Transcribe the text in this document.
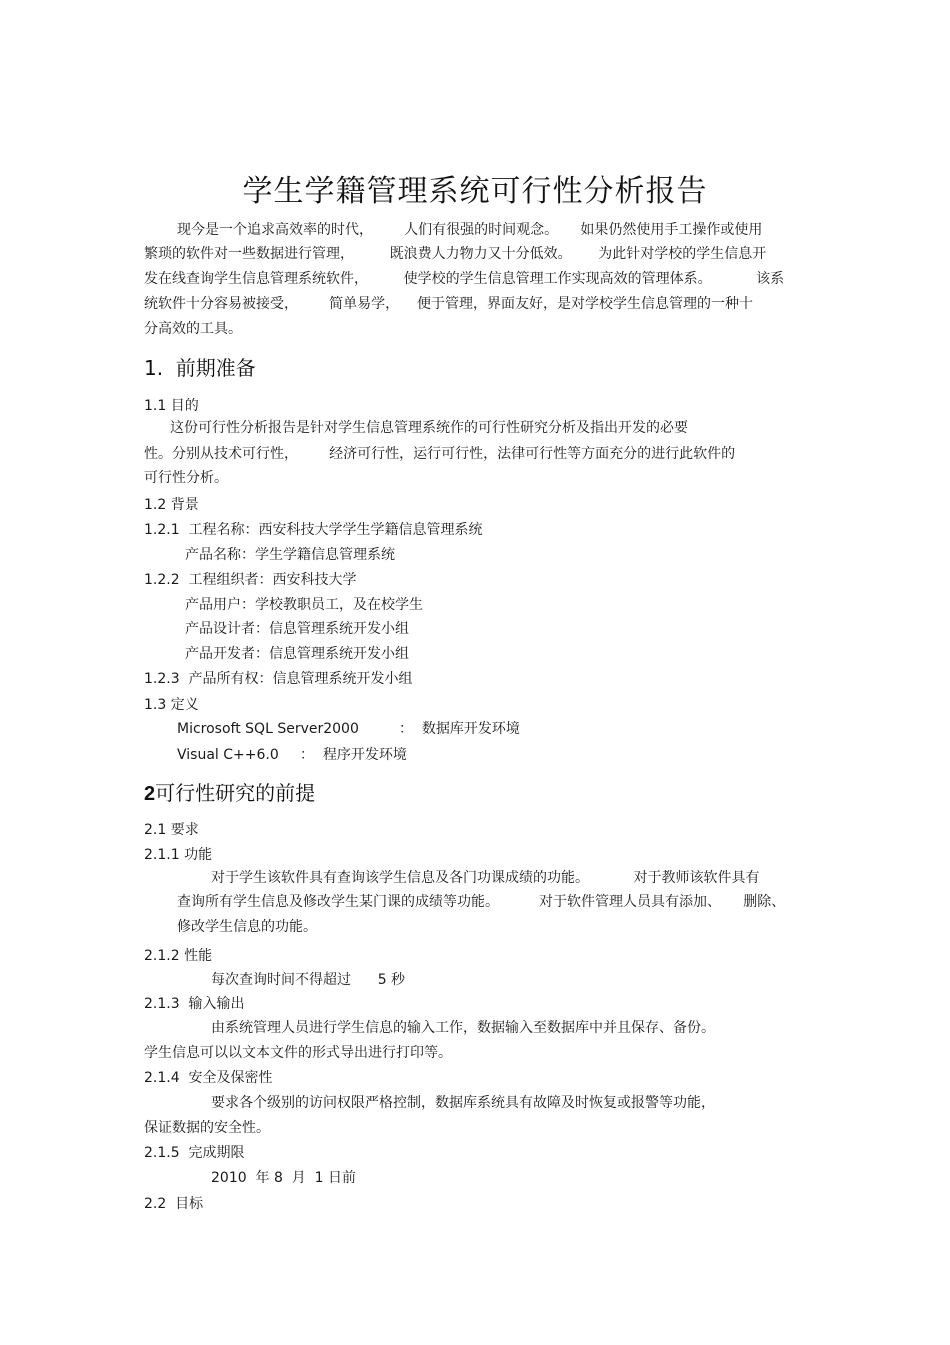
学生学籍管理系统可行性分析报告
现今是一个追求高效率的时代，       人们有很强的时间观念。     如果仍然使用手工操作或使用
繁琐的软件对一些数据进行管理，        既浪费人力物力又十分低效。      为此针对学校的学生信息开
发在线查询学生信息管理系统软件，        使学校的学生信息管理工作实现高效的管理体系。          该系
统软件十分容易被接受，       简单易学，    便于管理，界面友好，是对学校学生信息管理的一种十
分高效的工具。
1.  前期准备
1.1 目的
这份可行性分析报告是针对学生信息管理系统作的可行性研究分析及指出开发的必要
性。分别从技术可行性，       经济可行性，运行可行性，法律可行性等方面充分的进行此软件的
可行性分析。
1.2 背景
1.2.1  工程名称：西安科技大学学生学籍信息管理系统
产品名称：学生学籍信息管理系统
1.2.2  工程组织者：西安科技大学
产品用户：学校教职员工，及在校学生
产品设计者：信息管理系统开发小组
产品开发者：信息管理系统开发小组
1.2.3  产品所有权：信息管理系统开发小组
1.3 定义
Microsoft SQL Server2000	：  数据库开发环境
Visual C++6.0 ：  程序开发环境
2可行性研究的前提
2.1 要求
2.1.1 功能
对于学生该软件具有查询该学生信息及各门功课成绩的功能。          对于教师该软件具有
查询所有学生信息及修改学生某门课的成绩等功能。         对于软件管理人员具有添加、     删除、
修改学生信息的功能。
2.1.2 性能
每次查询时间不得超过      5 秒
2.1.3  输入输出
由系统管理人员进行学生信息的输入工作，数据输入至数据库中并且保存、备份。
学生信息可以以文本文件的形式导出进行打印等。
2.1.4  安全及保密性
要求各个级别的访问权限严格控制，数据库系统具有故障及时恢复或报警等功能，
保证数据的安全性。
2.1.5  完成期限
2010  年 8  月  1 日前
2.2  目标
